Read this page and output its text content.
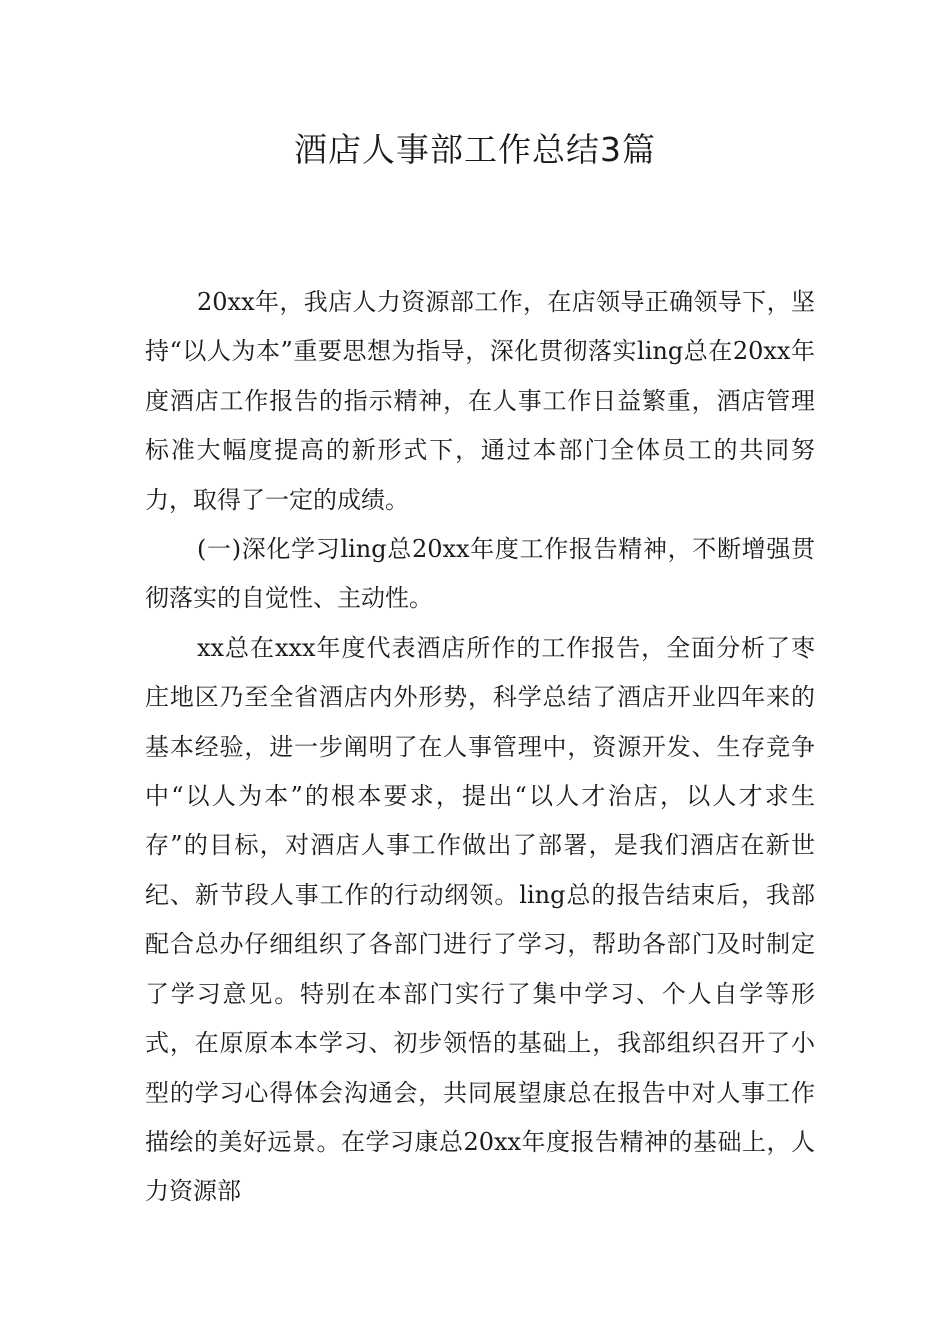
酒店人事部工作总结3篇

20xx年，我店人力资源部工作，在店领导正确领导下，坚持“以人为本”重要思想为指导，深化贯彻落实ling总在20xx年度酒店工作报告的指示精神，在人事工作日益繁重，酒店管理标准大幅度提高的新形式下，通过本部门全体员工的共同努力，取得了一定的成绩。

(一)深化学习ling总20xx年度工作报告精神，不断增强贯彻落实的自觉性、主动性。

xx总在xxx年度代表酒店所作的工作报告，全面分析了枣庄地区乃至全省酒店内外形势，科学总结了酒店开业四年来的基本经验，进一步阐明了在人事管理中，资源开发、生存竞争中“以人为本”的根本要求，提出“以人才治店，以人才求生存”的目标，对酒店人事工作做出了部署，是我们酒店在新世纪、新节段人事工作的行动纲领。ling总的报告结束后，我部配合总办仔细组织了各部门进行了学习，帮助各部门及时制定了学习意见。特别在本部门实行了集中学习、个人自学等形式，在原原本本学习、初步领悟的基础上，我部组织召开了小型的学习心得体会沟通会，共同展望康总在报告中对人事工作描绘的美好远景。在学习康总20xx年度报告精神的基础上，人力资源部
